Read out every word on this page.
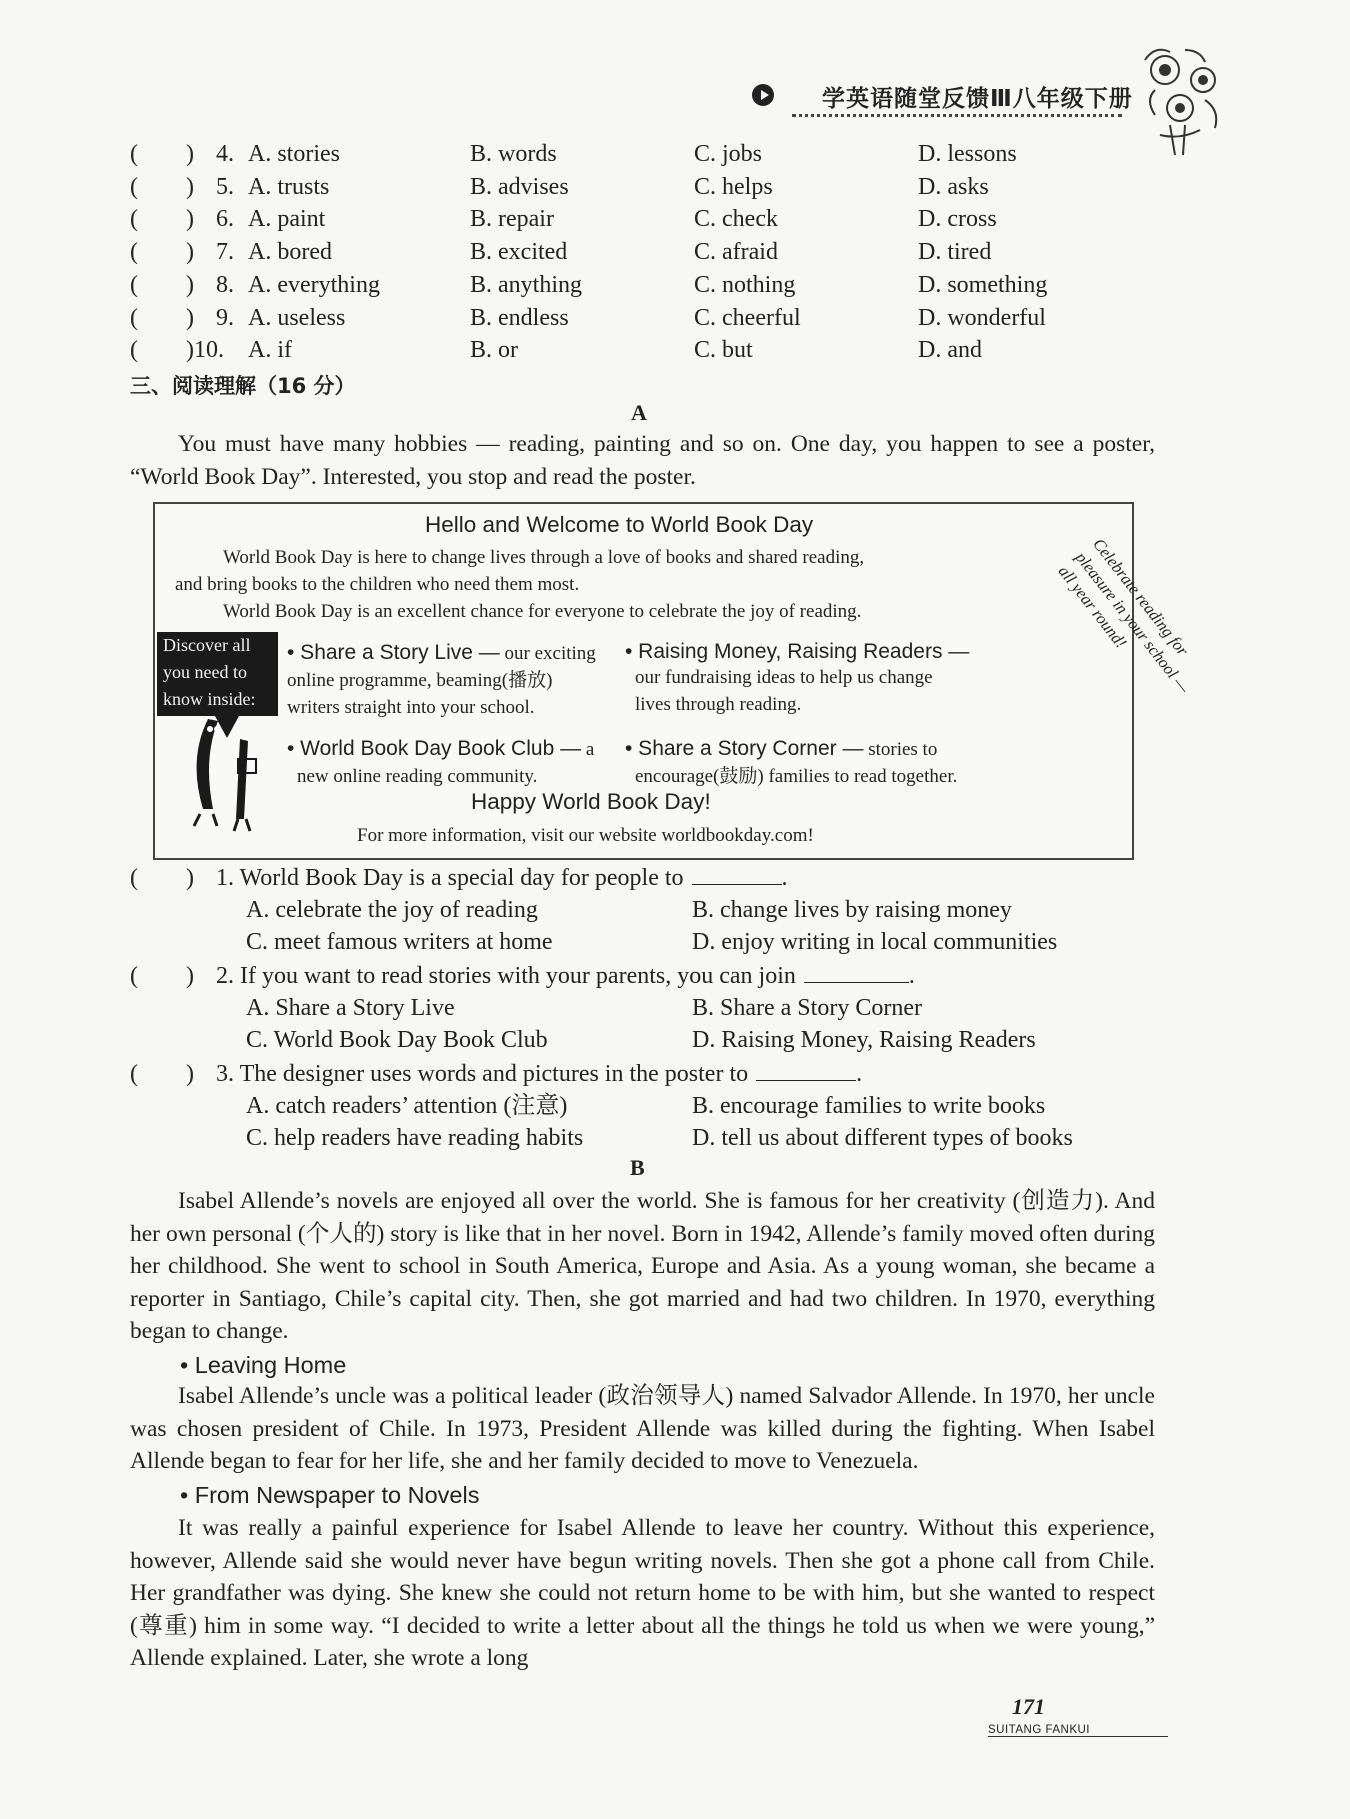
学英语随堂反馈Ⅲ八年级下册
( ) 4. A. stories	B. words	C. jobs	D. lessons
( ) 5. A. trusts	B. advises	C. helps	D. asks
( ) 6. A. paint	B. repair	C. check	D. cross
( ) 7. A. bored	B. excited	C. afraid	D. tired
( ) 8. A. everything	B. anything	C. nothing	D. something
( ) 9. A. useless	B. endless	C. cheerful	D. wonderful
( )10. A. if	B. or	C. but	D. and
三、阅读理解（16 分）
A
You must have many hobbies — reading, painting and so on. One day, you happen to see a poster, “World Book Day”. Interested, you stop and read the poster.
Hello and Welcome to World Book Day
World Book Day is here to change lives through a love of books and shared reading,
and bring books to the children who need them most.
World Book Day is an excellent chance for everyone to celebrate the joy of reading.	Celebrate reading for pleasure in your school — all year round!
Discover all
you need to
know inside:
• Share a Story Live — our exciting
online programme, beaming(播放)
writers straight into your school.
• Raising Money, Raising Readers —
our fundraising ideas to help us change
lives through reading.
• World Book Day Book Club — a
new online reading community.
• Share a Story Corner — stories to
encourage(鼓励) families to read together.
Happy World Book Day!
For more information, visit our website worldbookday.com!
( ) 1. World Book Day is a special day for people to	.
A. celebrate the joy of reading	B. change lives by raising money
C. meet famous writers at home	D. enjoy writing in local communities
( ) 2. If you want to read stories with your parents, you can join	.
A. Share a Story Live	B. Share a Story Corner
C. World Book Day Book Club	D. Raising Money, Raising Readers
( ) 3. The designer uses words and pictures in the poster to	.
A. catch readers’ attention (注意)	B. encourage families to write books
C. help readers have reading habits	D. tell us about different types of books
B
Isabel Allende’s novels are enjoyed all over the world. She is famous for her creativity (创造力). And her own personal (个人的) story is like that in her novel. Born in 1942, Allende’s family moved often during her childhood. She went to school in South America, Europe and Asia. As a young woman, she became a reporter in Santiago, Chile’s capital city. Then, she got married and had two children. In 1970, everything began to change.
• Leaving Home
Isabel Allende’s uncle was a political leader (政治领导人) named Salvador Allende. In 1970, her uncle was chosen president of Chile. In 1973, President Allende was killed during the fighting. When Isabel Allende began to fear for her life, she and her family decided to move to Venezuela.
• From Newspaper to Novels
It was really a painful experience for Isabel Allende to leave her country. Without this experience, however, Allende said she would never have begun writing novels. Then she got a phone call from Chile. Her grandfather was dying. She knew she could not return home to be with him, but she wanted to respect (尊重) him in some way. “I decided to write a letter about all the things he told us when we were young,” Allende explained. Later, she wrote a long
171
SUITANG FANKUI
